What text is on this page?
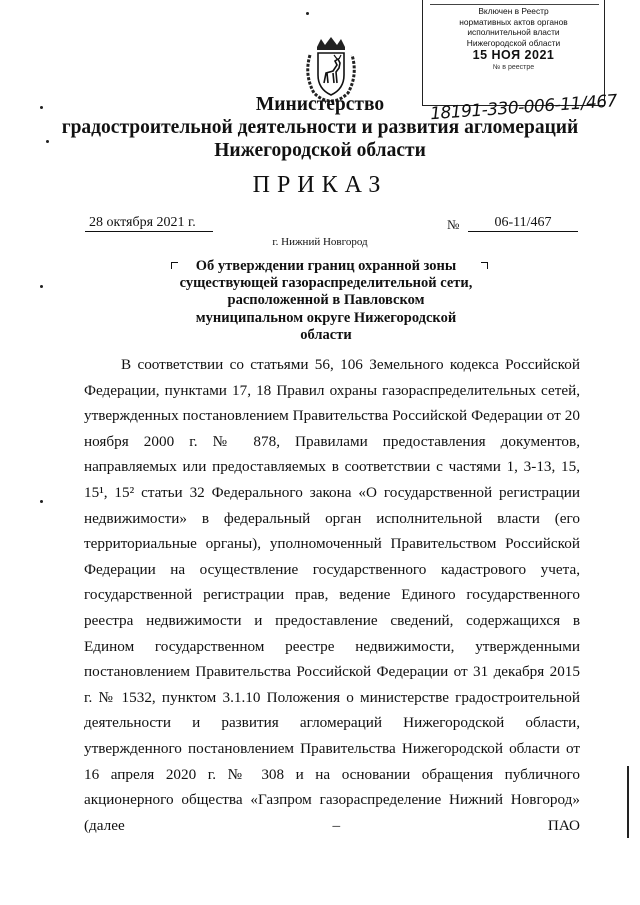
Включен в Реестр
нормативных актов органов
исполнительной власти
Нижегородской области
15 НОЯ 2021
№ в реестре
18191-330-006-11/467
Министерство
градостроительной деятельности и развития агломераций
Нижегородской области
ПРИКАЗ
28 октября 2021 г.	№	06-11/467
г. Нижний Новгород
Об утверждении границ охранной зоны существующей газораспределительной сети, расположенной в Павловском муниципальном округе Нижегородской области

В соответствии со статьями 56, 106 Земельного кодекса Российской Федерации, пунктами 17, 18 Правил охраны газораспределительных сетей, утвержденных постановлением Правительства Российской Федерации от 20 ноября 2000 г. № 878, Правилами предоставления документов, направляемых или предоставляемых в соответствии с частями 1, 3-13, 15, 15¹, 15² статьи 32 Федерального закона «О государственной регистрации недвижимости» в федеральный орган исполнительной власти (его территориальные органы), уполномоченный Правительством Российской Федерации на осуществление государственного кадастрового учета, государственной регистрации прав, ведение Единого государственного реестра недвижимости и предоставление сведений, содержащихся в Едином государственном реестре недвижимости, утвержденными постановлением Правительства Российской Федерации от 31 декабря 2015 г. № 1532, пунктом 3.1.10 Положения о министерстве градостроительной деятельности и развития агломераций Нижегородской области, утвержденного постановлением Правительства Нижегородской области от 16 апреля 2020 г. № 308 и на основании обращения публичного акционерного общества «Газпром газораспределение Нижний Новгород» (далее – ПАО
